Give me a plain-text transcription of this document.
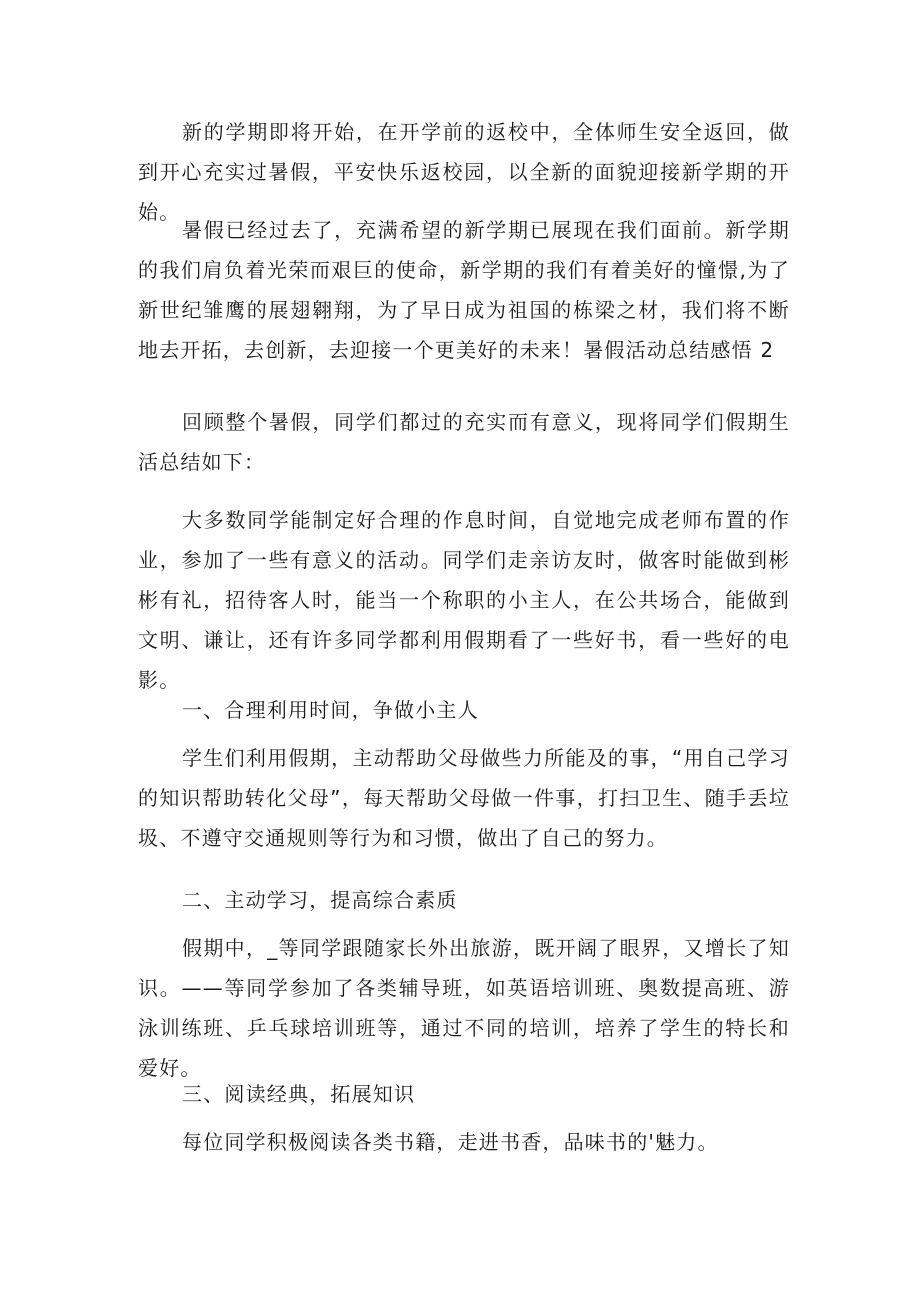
新的学期即将开始，在开学前的返校中，全体师生安全返回，做到开心充实过暑假，平安快乐返校园，以全新的面貌迎接新学期的开始。

暑假已经过去了，充满希望的新学期已展现在我们面前。新学期的我们肩负着光荣而艰巨的使命，新学期的我们有着美好的憧憬,为了新世纪雏鹰的展翅翱翔，为了早日成为祖国的栋梁之材，我们将不断地去开拓，去创新，去迎接一个更美好的未来！暑假活动总结感悟 2

回顾整个暑假，同学们都过的充实而有意义，现将同学们假期生活总结如下：

大多数同学能制定好合理的作息时间，自觉地完成老师布置的作业，参加了一些有意义的活动。同学们走亲访友时，做客时能做到彬彬有礼，招待客人时，能当一个称职的小主人，在公共场合，能做到文明、谦让，还有许多同学都利用假期看了一些好书，看一些好的电影。

一、合理利用时间，争做小主人

学生们利用假期，主动帮助父母做些力所能及的事，“用自己学习的知识帮助转化父母”，每天帮助父母做一件事，打扫卫生、随手丢垃圾、不遵守交通规则等行为和习惯，做出了自己的努力。

二、主动学习，提高综合素质

假期中，_等同学跟随家长外出旅游，既开阔了眼界，又增长了知识。——等同学参加了各类辅导班，如英语培训班、奥数提高班、游泳训练班、乒乓球培训班等，通过不同的培训，培养了学生的特长和爱好。

三、阅读经典，拓展知识

每位同学积极阅读各类书籍，走进书香，品味书的'魅力。
